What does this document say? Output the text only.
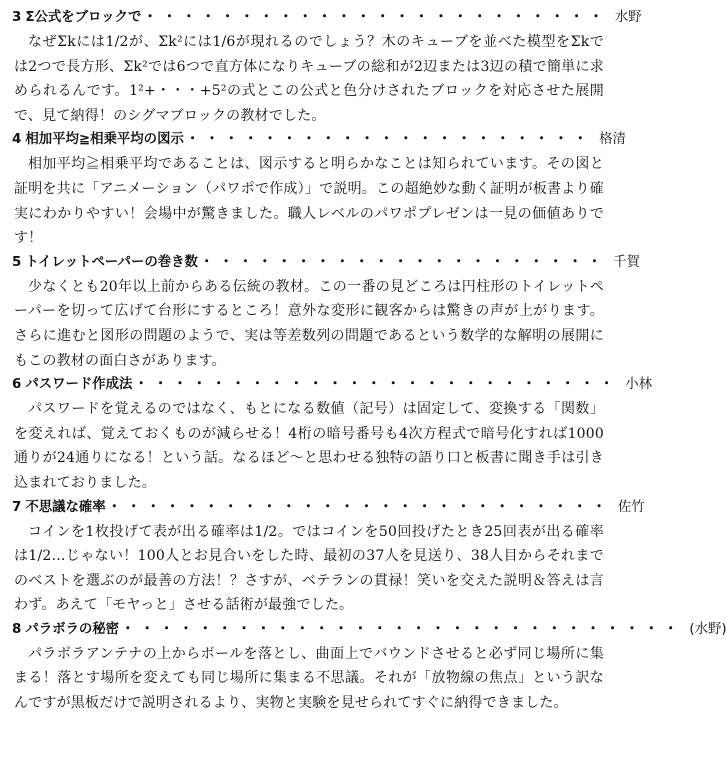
3 Σ公式をブロックで ・・・・・・・・・・・・・・・・・・・・・・・・ 水野

なぜΣkには1/2が、Σk²には1/6が現れるのでしょう？木のキューブを並べた模型をΣkでは2つで長方形、Σk²では6つで直方体になりキューブの総和が2辺または3辺の積で簡単に求められるんです。1²+・・・+5²の式とこの公式と色分けされたブロックを対応させた展開で、見て納得！のシグマブロックの教材でした。

4 相加平均≧相乗平均の図示 ・・・・・・・・・・・・・・・・・・・・・ 格清

相加平均≧相乗平均であることは、図示すると明らかなことは知られています。その図と証明を共に「アニメーション（パワポで作成）」で説明。この超絶妙な動く証明が板書より確実にわかりやすい！会場中が驚きました。職人レベルのパワポプレゼンは一見の価値ありです！

5 トイレットペーパーの巻き数 ・・・・・・・・・・・・・・・・・・・・・ 千賀

少なくとも20年以上前からある伝統の教材。この一番の見どころは円柱形のトイレットペーパーを切って広げて台形にするところ！意外な変形に観客からは驚きの声が上がります。さらに進むと図形の問題のようで、実は等差数列の問題であるという数学的な解明の展開にもこの教材の面白さがあります。

6 パスワード作成法 ・・・・・・・・・・・・・・・・・・・・・・・・・ 小林

パスワードを覚えるのではなく、もとになる数値（記号）は固定して、変換する「関数」を変えれば、覚えておくものが減らせる！4桁の暗号番号も4次方程式で暗号化すれば1000通りが24通りになる！という話。なるほど～と思わせる独特の語り口と板書に聞き手は引き込まれておりました。

7 不思議な確率 ・・・・・・・・・・・・・・・・・・・・・・・・・・ 佐竹

コインを1枚投げて表が出る確率は1/2。ではコインを50回投げたとき25回表が出る確率は1/2…じゃない！100人とお見合いをした時、最初の37人を見送り、38人目からそれまでのベストを選ぶのが最善の方法！？さすが、ベテランの貫禄！笑いを交えた説明＆答えは言わず。あえて「モヤっと」させる話術が最強でした。

8 パラボラの秘密 ・・・・・・・・・・・・・・・・・・・・・・・・・・・・・ (水野)

パラボラアンテナの上からボールを落とし、曲面上でバウンドさせると必ず同じ場所に集まる！落とす場所を変えても同じ場所に集まる不思議。それが「放物線の焦点」という訳なんですが黒板だけで説明されるより、実物と実験を見せられてすぐに納得できました。
